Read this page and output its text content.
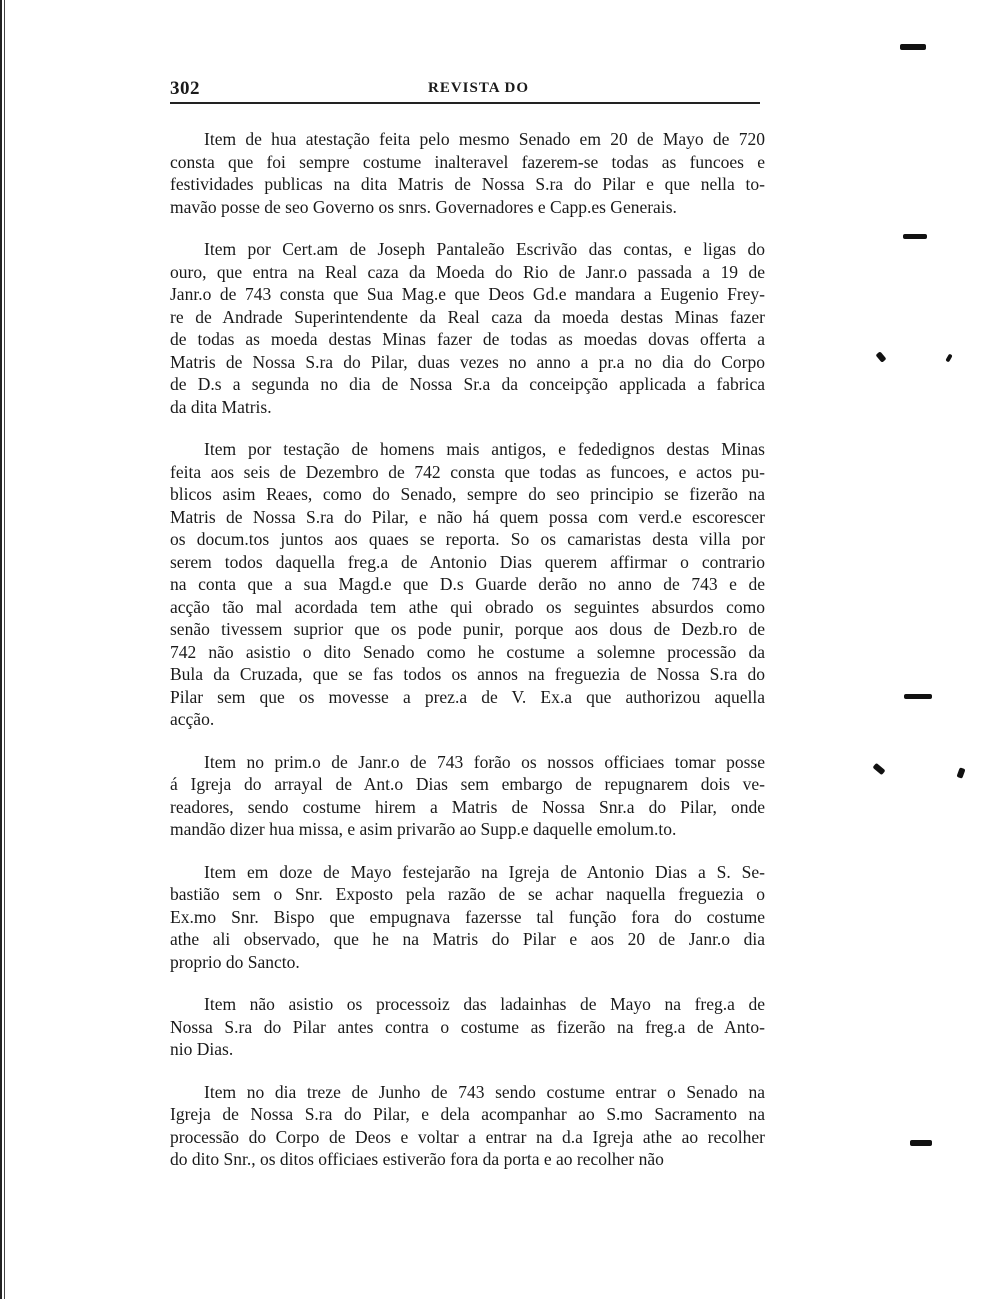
302	REVISTA DO
Item de hua atestação feita pelo mesmo Senado em 20 de Mayo de 720
consta que foi sempre costume inalteravel fazerem-se todas as funcoes e
festividades publicas na dita Matris de Nossa S.ra do Pilar e que nella to-
mavão posse de seo Governo os snrs. Governadores e Capp.es Generais.
Item por Cert.am de Joseph Pantaleão Escrivão das contas, e ligas do
ouro, que entra na Real caza da Moeda do Rio de Janr.o passada a 19 de
Janr.o de 743 consta que Sua Mag.e que Deos Gd.e mandara a Eugenio Frey-
re de Andrade Superintendente da Real caza da moeda destas Minas fazer
de todas as moeda destas Minas fazer de todas as moedas dovas offerta a
Matris de Nossa S.ra do Pilar, duas vezes no anno a pr.a no dia do Corpo
de D.s a segunda no dia de Nossa Sr.a da conceipção applicada a fabrica
da dita Matris.
Item por testação de homens mais antigos, e fededignos destas Minas
feita aos seis de Dezembro de 742 consta que todas as funcoes, e actos pu-
blicos asim Reaes, como do Senado, sempre do seo principio se fizerão na
Matris de Nossa S.ra do Pilar, e não há quem possa com verd.e escorescer
os docum.tos juntos aos quaes se reporta. So os camaristas desta villa por
serem todos daquella freg.a de Antonio Dias querem affirmar o contrario
na conta que a sua Magd.e que D.s Guarde derão no anno de 743 e de
acção tão mal acordada tem athe qui obrado os seguintes absurdos como
senão tivessem suprior que os pode punir, porque aos dous de Dezb.ro de
742 não asistio o dito Senado como he costume a solemne processão da
Bula da Cruzada, que se fas todos os annos na freguezia de Nossa S.ra do
Pilar sem que os movesse a prez.a de V. Ex.a que authorizou aquella
acção.
Item no prim.o de Janr.o de 743 forão os nossos officiaes tomar posse
á Igreja do arrayal de Ant.o Dias sem embargo de repugnarem dois ve-
readores, sendo costume hirem a Matris de Nossa Snr.a do Pilar, onde
mandão dizer hua missa, e asim privarão ao Supp.e daquelle emolum.to.
Item em doze de Mayo festejarão na Igreja de Antonio Dias a S. Se-
bastião sem o Snr. Exposto pela razão de se achar naquella freguezia o
Ex.mo Snr. Bispo que empugnava fazersse tal função fora do costume
athe ali observado, que he na Matris do Pilar e aos 20 de Janr.o dia
proprio do Sancto.
Item não asistio os processoiz das ladainhas de Mayo na freg.a de
Nossa S.ra do Pilar antes contra o costume as fizerão na freg.a de Anto-
nio Dias.
Item no dia treze de Junho de 743 sendo costume entrar o Senado na
Igreja de Nossa S.ra do Pilar, e dela acompanhar ao S.mo Sacramento na
processão do Corpo de Deos e voltar a entrar na d.a Igreja athe ao recolher
do dito Snr., os ditos officiaes estiverão fora da porta e ao recolher não
